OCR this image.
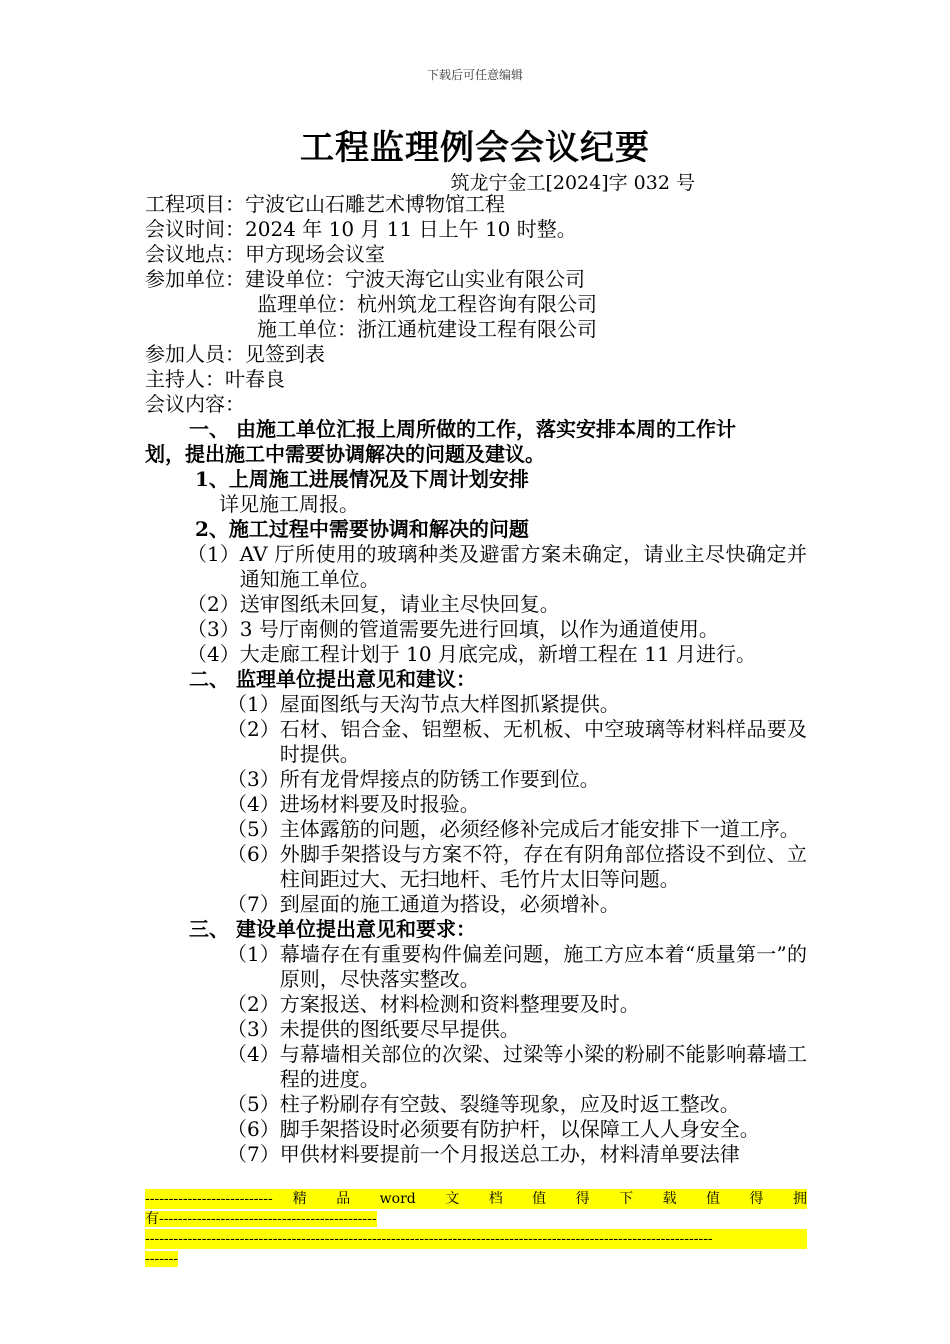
下载后可任意编辑
工程监理例会会议纪要
筑龙宁金工[2024]字 032 号
工程项目：宁波它山石雕艺术博物馆工程
会议时间：2024 年 10 月 11 日上午 10 时整。
会议地点：甲方现场会议室
参加单位：建设单位：宁波天海它山实业有限公司
监理单位：杭州筑龙工程咨询有限公司
施工单位：浙江通杭建设工程有限公司
参加人员：见签到表
主持人：叶春良
会议内容：
一、 由施工单位汇报上周所做的工作，落实安排本周的工作计
划，提出施工中需要协调解决的问题及建议。
1、上周施工进展情况及下周计划安排
详见施工周报。
2、施工过程中需要协调和解决的问题
（1） AV 厅所使用的玻璃种类及避雷方案未确定，请业主尽快确定并通知施工单位。
（2） 送审图纸未回复，请业主尽快回复。
（3） 3 号厅南侧的管道需要先进行回填，以作为通道使用。
（4） 大走廊工程计划于 10 月底完成，新增工程在 11 月进行。
二、 监理单位提出意见和建议：
（1） 屋面图纸与天沟节点大样图抓紧提供。
（2） 石材、铝合金、铝塑板、无机板、中空玻璃等材料样品要及时提供。
（3） 所有龙骨焊接点的防锈工作要到位。
（4） 进场材料要及时报验。
（5） 主体露筋的问题，必须经修补完成后才能安排下一道工序。
（6） 外脚手架搭设与方案不符，存在有阴角部位搭设不到位、立柱间距过大、无扫地杆、毛竹片太旧等问题。
（7） 到屋面的施工通道为搭设，必须增补。
三、 建设单位提出意见和要求：
（1） 幕墙存在有重要构件偏差问题，施工方应本着“质量第一”的原则，尽快落实整改。
（2） 方案报送、材料检测和资料整理要及时。
（3） 未提供的图纸要尽早提供。
（4） 与幕墙相关部位的次梁、过梁等小梁的粉刷不能影响幕墙工程的进度。
（5） 柱子粉刷存有空鼓、裂缝等现象，应及时返工整改。
（6） 脚手架搭设时必须要有防护杆，以保障工人人身安全。
（7） 甲供材料要提前一个月报送总工办，材料清单要法律
--------------------------- 精 品 word 文 档 值 得 下 载 值 得 拥
有----------------------------------------------
------------------------------------------------------------------------------------------------------------------------
-------
